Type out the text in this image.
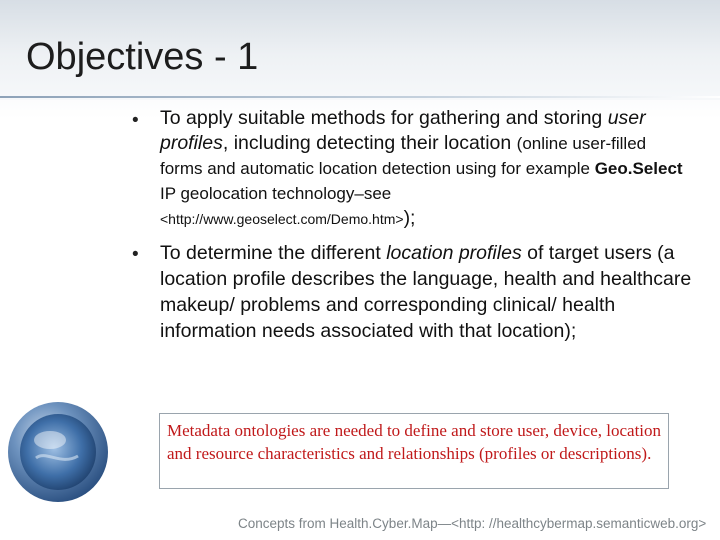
Objectives - 1
• To apply suitable methods for gathering and storing user profiles, including detecting their location (online user-filled forms and automatic location detection using for example Geo.Select IP geolocation technology–see
<http://www.geoselect.com/Demo.htm>);
• To determine the different location profiles of target users (a location profile describes the language, health and healthcare makeup/ problems and corresponding clinical/ health information needs associated with that location);
Metadata ontologies are needed to define and store user, device, location and resource characteristics and relationships (profiles or descriptions).
Concepts from Health.Cyber.Map—<http: //healthcybermap.semanticweb.org>
